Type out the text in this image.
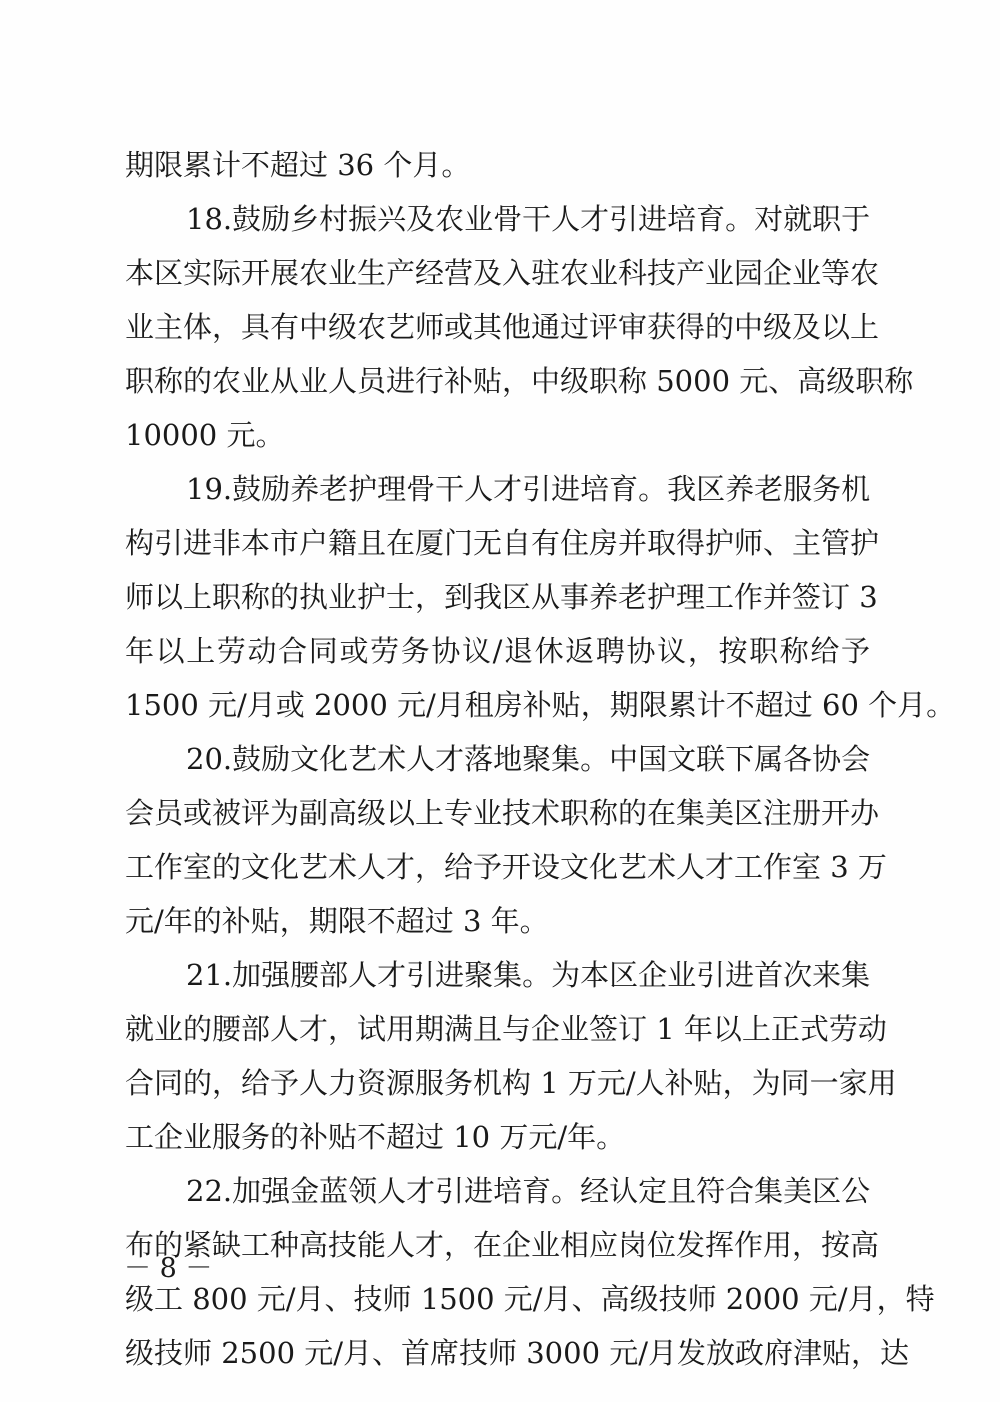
期限累计不超过 36 个月。
18.鼓励乡村振兴及农业骨干人才引进培育。对就职于
本区实际开展农业生产经营及入驻农业科技产业园企业等农
业主体，具有中级农艺师或其他通过评审获得的中级及以上
职称的农业从业人员进行补贴，中级职称 5000 元、高级职称
10000 元。
19.鼓励养老护理骨干人才引进培育。我区养老服务机
构引进非本市户籍且在厦门无自有住房并取得护师、主管护
师以上职称的执业护士，到我区从事养老护理工作并签订 3
年以上劳动合同或劳务协议/退休返聘协议，按职称给予
1500 元/月或 2000 元/月租房补贴，期限累计不超过 60 个月。
20.鼓励文化艺术人才落地聚集。中国文联下属各协会
会员或被评为副高级以上专业技术职称的在集美区注册开办
工作室的文化艺术人才，给予开设文化艺术人才工作室 3 万
元/年的补贴，期限不超过 3 年。
21.加强腰部人才引进聚集。为本区企业引进首次来集
就业的腰部人才，试用期满且与企业签订 1 年以上正式劳动
合同的，给予人力资源服务机构 1 万元/人补贴，为同一家用
工企业服务的补贴不超过 10 万元/年。
22.加强金蓝领人才引进培育。经认定且符合集美区公
布的紧缺工种高技能人才，在企业相应岗位发挥作用，按高
级工 800 元/月、技师 1500 元/月、高级技师 2000 元/月，特
级技师 2500 元/月、首席技师 3000 元/月发放政府津贴，达
－ 8 －
